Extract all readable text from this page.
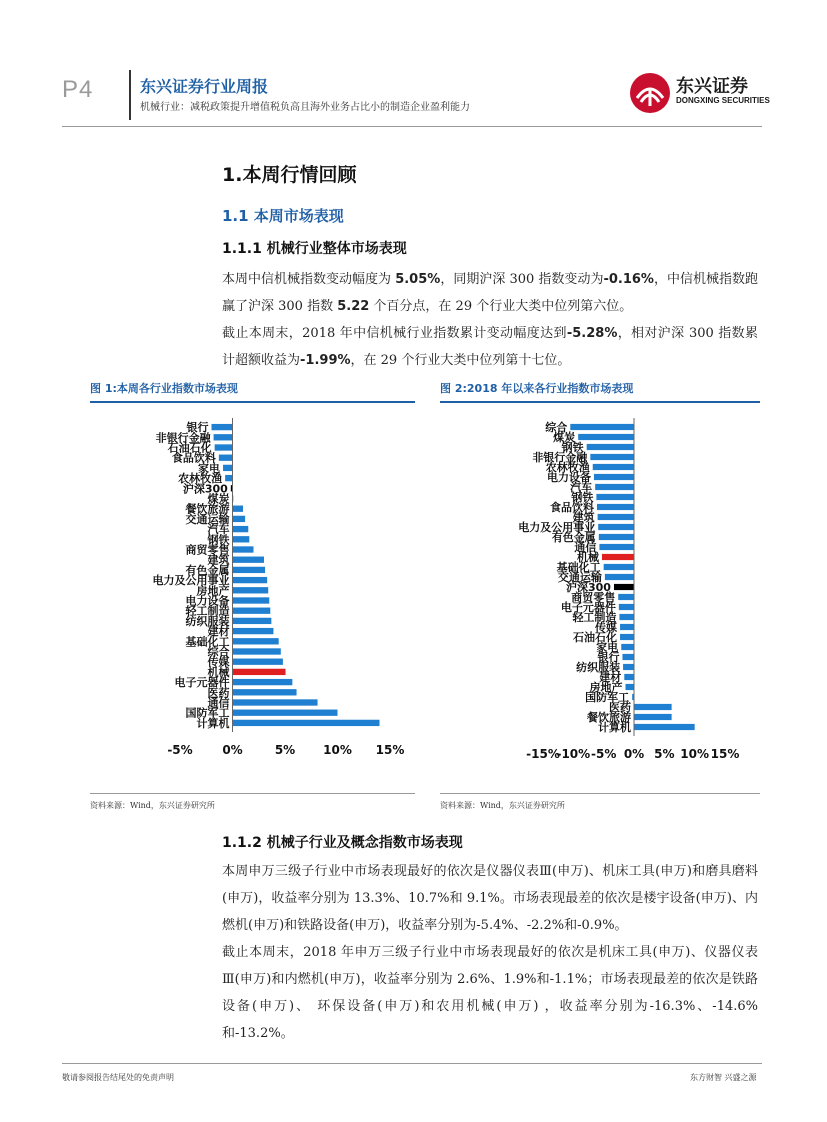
P4	东兴证券行业周报
机械行业：减税政策提升增值税负高且海外业务占比小的制造企业盈利能力
东兴证券
DONGXING SECURITIES
1.本周行情回顾
1.1 本周市场表现
1.1.1 机械行业整体市场表现
本周中信机械指数变动幅度为 5.05%，同期沪深 300 指数变动为-0.16%，中信机械指数跑赢了沪深 300 指数 5.22 个百分点，在 29 个行业大类中位列第六位。
截止本周末，2018 年中信机械行业指数累计变动幅度达到-5.28%，相对沪深 300 指数累计超额收益为-1.99%，在 29 个行业大类中位列第十七位。
图 1:本周各行业指数市场表现	图 2:2018 年以来各行业指数市场表现
银行
非银行金融
石油石化
食品饮料
家电
农林牧渔
沪深300
煤炭
餐饮旅游
交通运输
汽车
钢铁
商贸零售
建筑
有色金属
电力及公用事业
房地产
电力设备
轻工制造
纺织服装
建材
基础化工
综合
传媒
机械
电子元器件
医药
通信
国防军工
计算机
-5% 0%	5% 10% 15%
综合
煤炭
钢铁
非银行金融
农林牧渔
电力设备
汽车
钢铁
食品饮料
建筑
电力及公用事业
有色金属
通信
机械
基础化工
交通运输
沪深300
商贸零售
电子元器件
轻工制造
传媒
石油石化
家电
银行
纺织服装
建材
房地产
国防军工
医药
餐饮旅游
计算机
-15%
-10% -5% 0% 5% 10% 15%
资料来源：Wind，东兴证券研究所	资料来源：Wind，东兴证券研究所
1.1.2 机械子行业及概念指数市场表现
本周申万三级子行业中市场表现最好的依次是仪器仪表Ⅲ(申万)、机床工具(申万)和磨具磨料(申万)，收益率分别为 13.3%、10.7%和 9.1%。市场表现最差的依次是楼宇设备(申万)、内燃机(申万)和铁路设备(申万)，收益率分别为-5.4%、-2.2%和-0.9%。
截止本周末，2018 年申万三级子行业中市场表现最好的依次是机床工具(申万)、仪器仪表Ⅲ(申万)和内燃机(申万)，收益率分别为 2.6%、1.9%和-1.1%；市场表现最差的依次是铁路设备(申万)、 环保设备(申万)和农用机械(申万) ，收益率分别为-16.3%、-14.6%和-13.2%。
敬请参阅报告结尾处的免责声明	东方财智 兴盛之源
